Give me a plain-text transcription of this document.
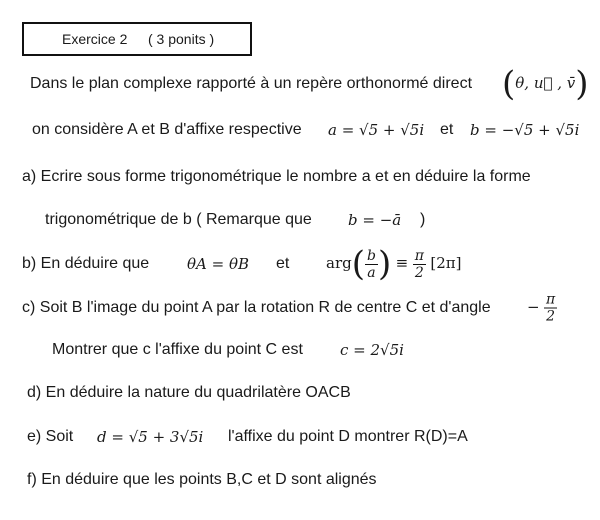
Exercice 2 ( 3 ponits )
Dans le plan complexe rapporté à un repère orthonormé direct (θ, u⃗ , v̄)
on considère A et B d'affixe respective a = √5 + √5i et b = −√5 + √5i
a) Ecrire sous forme trigonométrique le nombre a et en déduire la forme
trigonométrique de b ( Remarque que b = −ā )
b) En déduire que	θA = θB et $arg( \frac{b}{a}$ ) ≡ $\frac{\pi}{2} [2\pi]$
c) Soit B l'image du point A par la rotation R de centre C et d'angle − $\frac{\pi}{2}$
Montrer que c l'affixe du point C est c = 2√5i
d) En déduire la nature du quadrilatère OACB
e) Soit d = √5 + 3√5i l'affixe du point D montrer R(D)=A
f) En déduire que les points B,C et D sont alignés
